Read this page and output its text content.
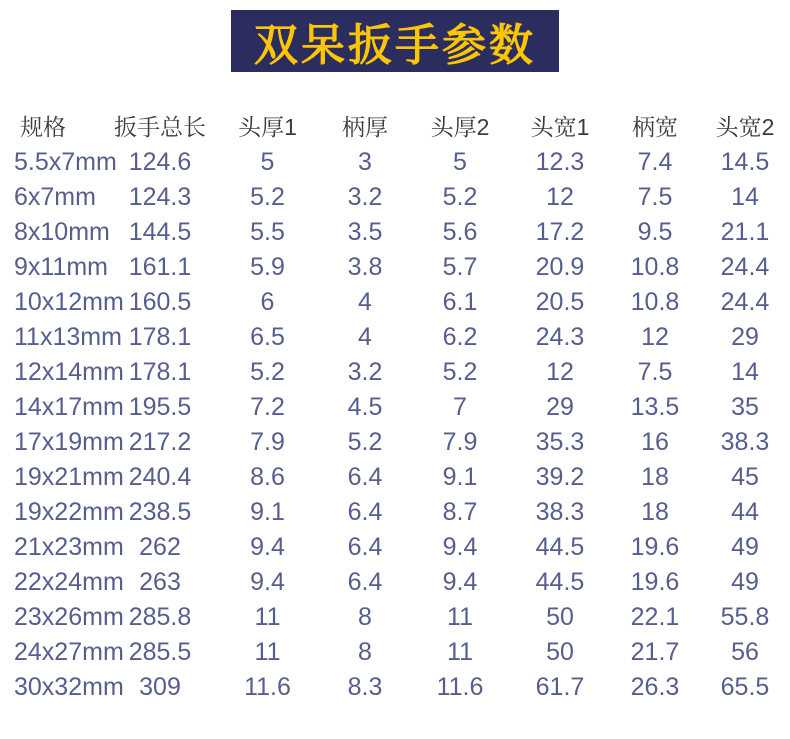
双呆扳手参数
规格	扳手总长	头厚1	柄厚	头厚2	头宽1	柄宽	头宽2
5.5x7mm	124.6	5	3	5	12.3	7.4	14.5
6x7mm	124.3	5.2	3.2	5.2	12	7.5	14
8x10mm	144.5	5.5	3.5	5.6	17.2	9.5	21.1
9x11mm	161.1	5.9	3.8	5.7	20.9	10.8	24.4
10x12mm	160.5	6	4	6.1	20.5	10.8	24.4
11x13mm	178.1	6.5	4	6.2	24.3	12	29
12x14mm	178.1	5.2	3.2	5.2	12	7.5	14
14x17mm	195.5	7.2	4.5	7	29	13.5	35
17x19mm	217.2	7.9	5.2	7.9	35.3	16	38.3
19x21mm	240.4	8.6	6.4	9.1	39.2	18	45
19x22mm	238.5	9.1	6.4	8.7	38.3	18	44
21x23mm	262	9.4	6.4	9.4	44.5	19.6	49
22x24mm	263	9.4	6.4	9.4	44.5	19.6	49
23x26mm	285.8	11	8	11	50	22.1	55.8
24x27mm	285.5	11	8	11	50	21.7	56
30x32mm	309	11.6	8.3	11.6	61.7	26.3	65.5
